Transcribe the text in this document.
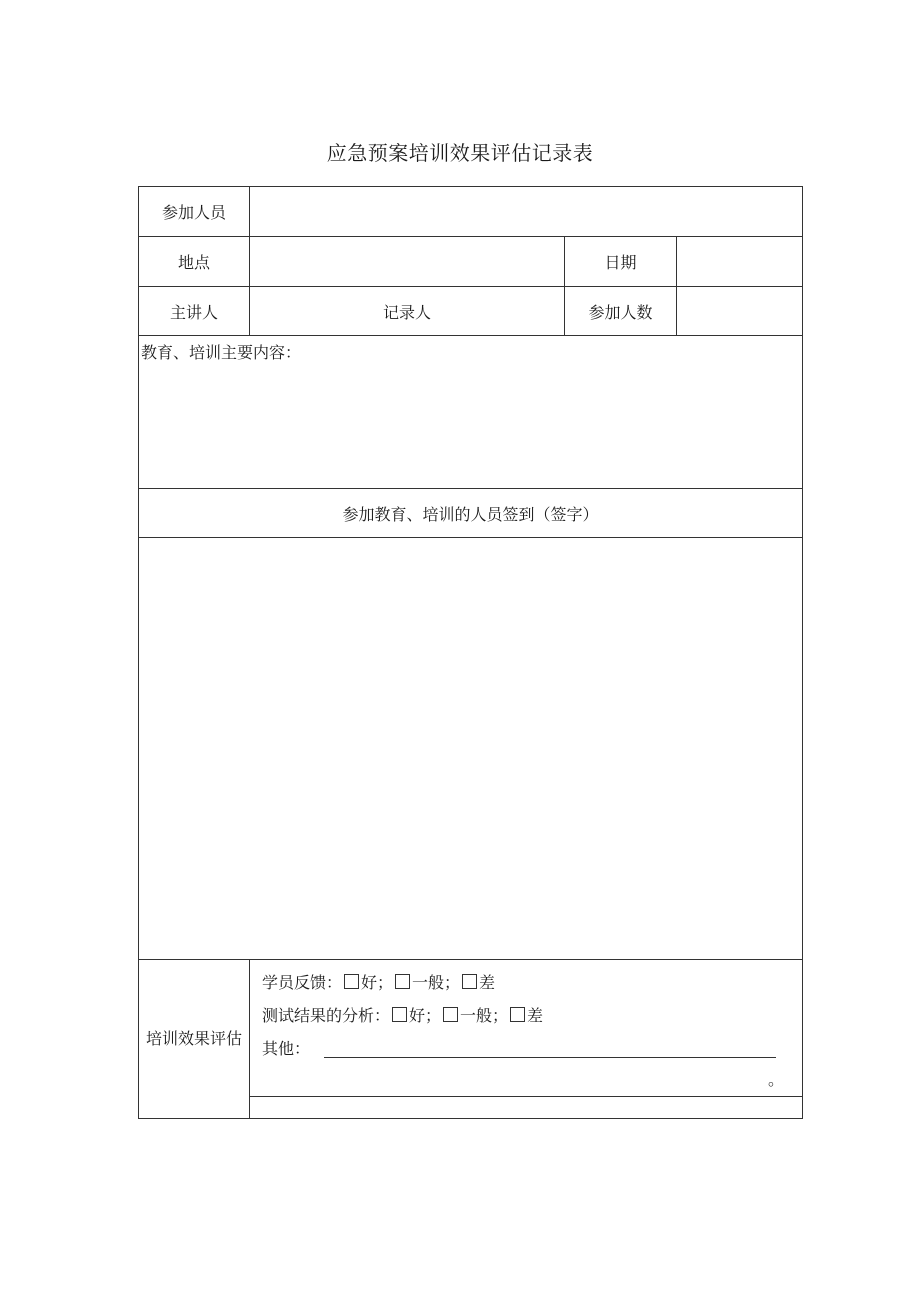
应急预案培训效果评估记录表
参加人员			
地点		日期	
主讲人	记录人	参加人数	
教育、培训主要内容：			
参加教育、培训的人员签到（签字）			

培训效果评估	学员反馈： 好； 一般； 差
测试结果的分析： 好； 一般； 差
其他：
。		
